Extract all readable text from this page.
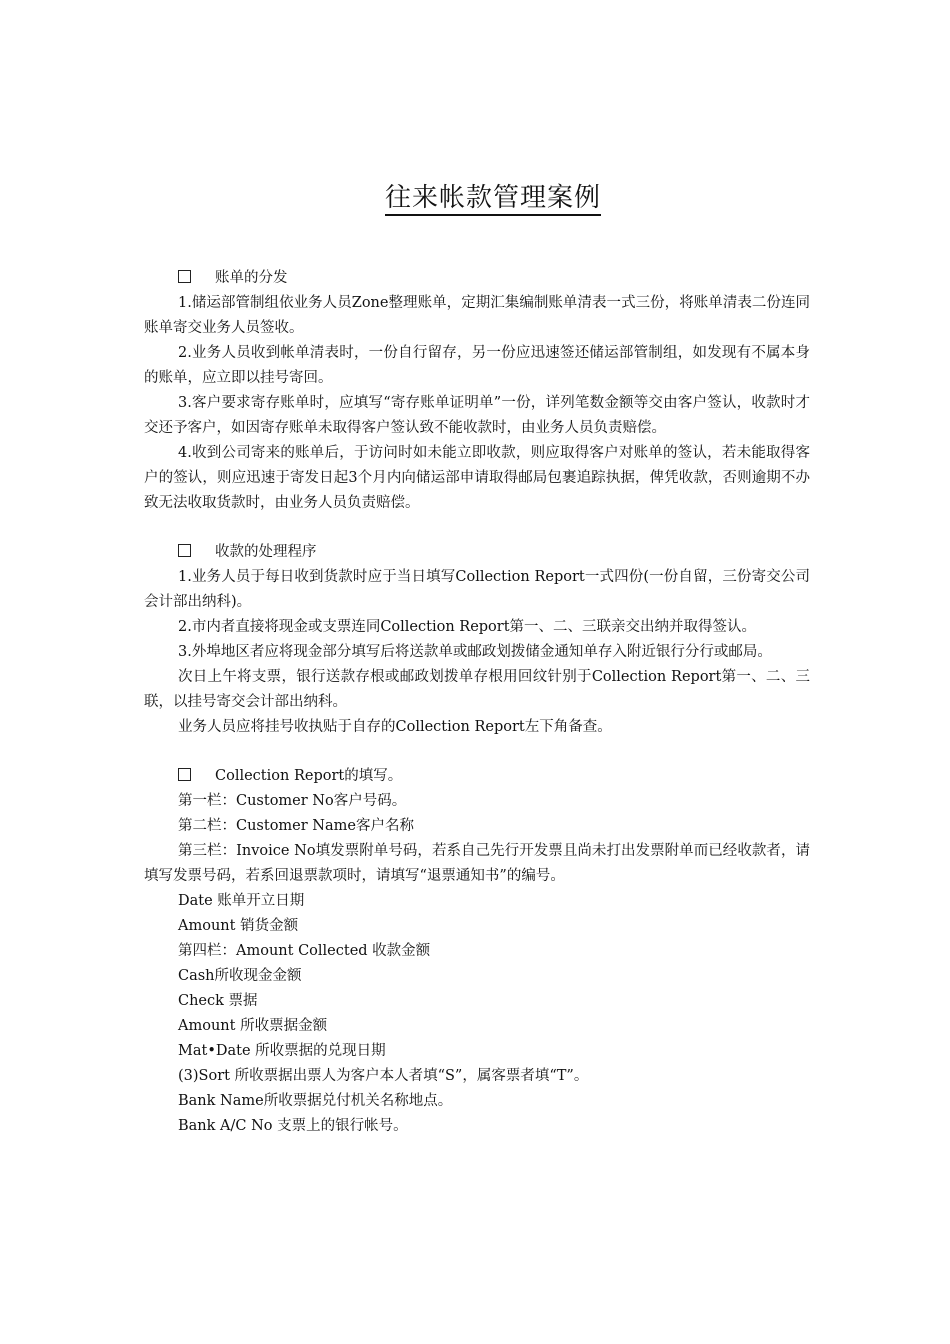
往来帐款管理案例
账单的分发

1.储运部管制组依业务人员Zone整理账单，定期汇集编制账单清表一式三份，将账单清表二份连同账单寄交业务人员签收。

2.业务人员收到帐单清表时，一份自行留存，另一份应迅速签还储运部管制组，如发现有不属本身的账单，应立即以挂号寄回。

3.客户要求寄存账单时，应填写“寄存账单证明单”一份，详列笔数金额等交由客户签认，收款时才交还予客户，如因寄存账单未取得客户签认致不能收款时，由业务人员负责赔偿。

4.收到公司寄来的账单后，于访问时如未能立即收款，则应取得客户对账单的签认，若未能取得客户的签认，则应迅速于寄发日起3个月内向储运部申请取得邮局包裹追踪执据，俾凭收款，否则逾期不办致无法收取货款时，由业务人员负责赔偿。

收款的处理程序

1.业务人员于每日收到货款时应于当日填写Collection Report一式四份(一份自留，三份寄交公司会计部出纳科)。

2.市内者直接将现金或支票连同Collection Report第一、二、三联亲交出纳并取得签认。

3.外埠地区者应将现金部分填写后将送款单或邮政划拨储金通知单存入附近银行分行或邮局。

次日上午将支票，银行送款存根或邮政划拨单存根用回纹针别于Collection Report第一、二、三联，以挂号寄交会计部出纳科。

业务人员应将挂号收执贴于自存的Collection Report左下角备查。

Collection Report的填写。

第一栏：Customer No客户号码。

第二栏：Customer Name客户名称

第三栏：Invoice No填发票附单号码，若系自己先行开发票且尚未打出发票附单而已经收款者，请填写发票号码，若系回退票款项时，请填写“退票通知书”的编号。

Date 账单开立日期

Amount 销货金额

第四栏：Amount Collected 收款金额

Cash所收现金金额

Check 票据

Amount 所收票据金额

Mat•Date 所收票据的兑现日期

(3)Sort 所收票据出票人为客户本人者填“S”，属客票者填“T”。

Bank Name所收票据兑付机关名称地点。

Bank A/C No 支票上的银行帐号。
